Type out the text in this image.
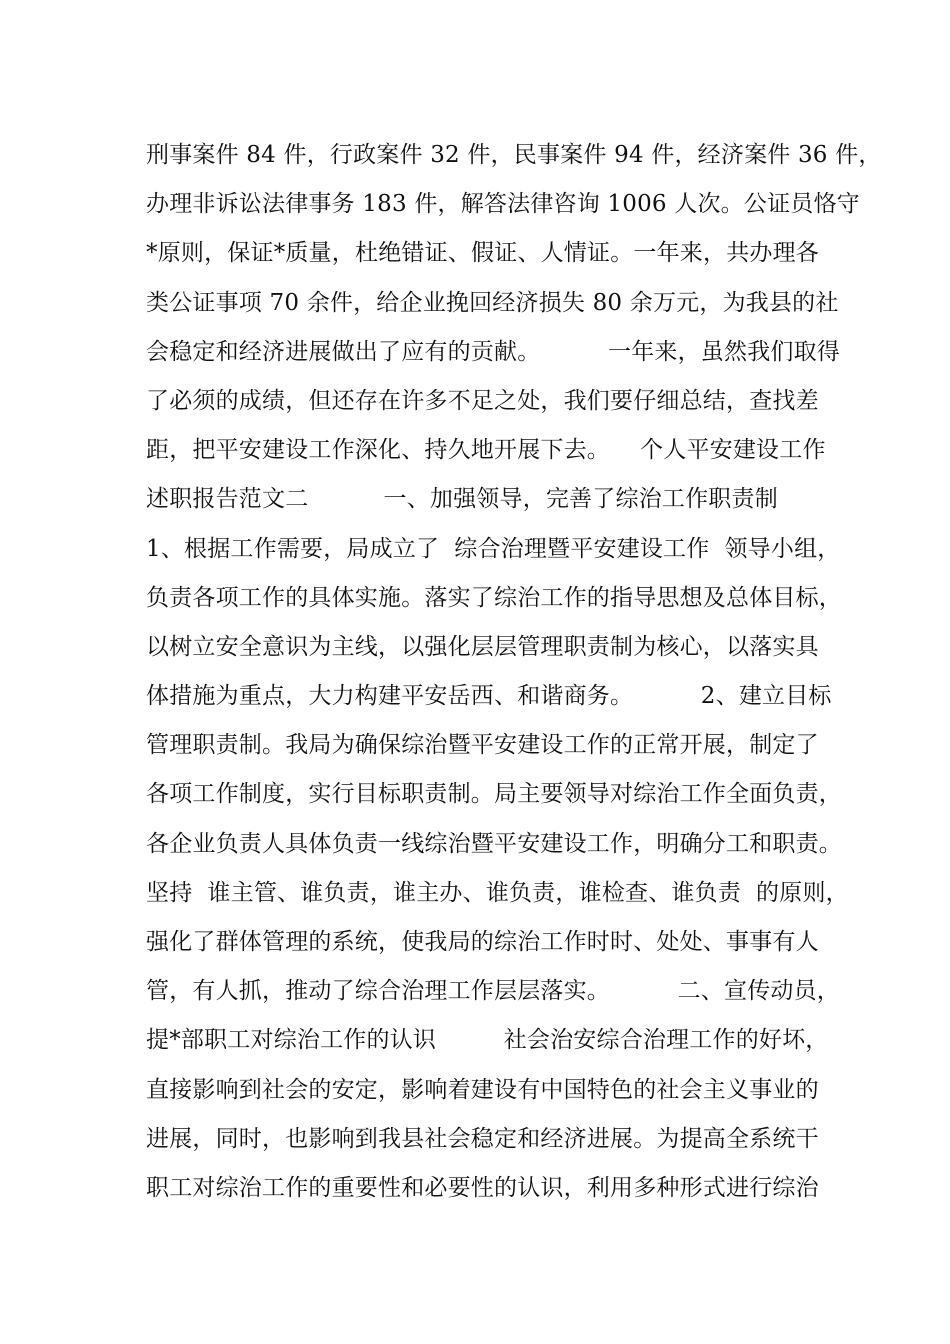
刑事案件 84 件，行政案件 32 件，民事案件 94 件，经济案件 36 件，
办理非诉讼法律事务 183 件，解答法律咨询 1006 人次。公证员恪守
*原则，保证*质量，杜绝错证、假证、人情证。一年来，共办理各
类公证事项 70 余件，给企业挽回经济损失 80 余万元，为我县的社
会稳定和经济进展做出了应有的贡献。         一年来，虽然我们取得
了必须的成绩，但还存在许多不足之处，我们要仔细总结，查找差
距，把平安建设工作深化、持久地开展下去。    个人平安建设工作
述职报告范文二          一、加强领导，完善了综治工作职责制
1、根据工作需要，局成立了  综合治理暨平安建设工作  领导小组，
负责各项工作的具体实施。落实了综治工作的指导思想及总体目标，
以树立安全意识为主线，以强化层层管理职责制为核心，以落实具
体措施为重点，大力构建平安岳西、和谐商务。         2、建立目标
管理职责制。我局为确保综治暨平安建设工作的正常开展，制定了
各项工作制度，实行目标职责制。局主要领导对综治工作全面负责，
各企业负责人具体负责一线综治暨平安建设工作，明确分工和职责。
坚持  谁主管、谁负责，谁主办、谁负责，谁检查、谁负责  的原则，
强化了群体管理的系统，使我局的综治工作时时、处处、事事有人
管，有人抓，推动了综合治理工作层层落实。         二、宣传动员，
提*部职工对综治工作的认识         社会治安综合治理工作的好坏，
直接影响到社会的安定，影响着建设有中国特色的社会主义事业的
进展，同时，也影响到我县社会稳定和经济进展。为提高全系统干
职工对综治工作的重要性和必要性的认识，利用多种形式进行综治
